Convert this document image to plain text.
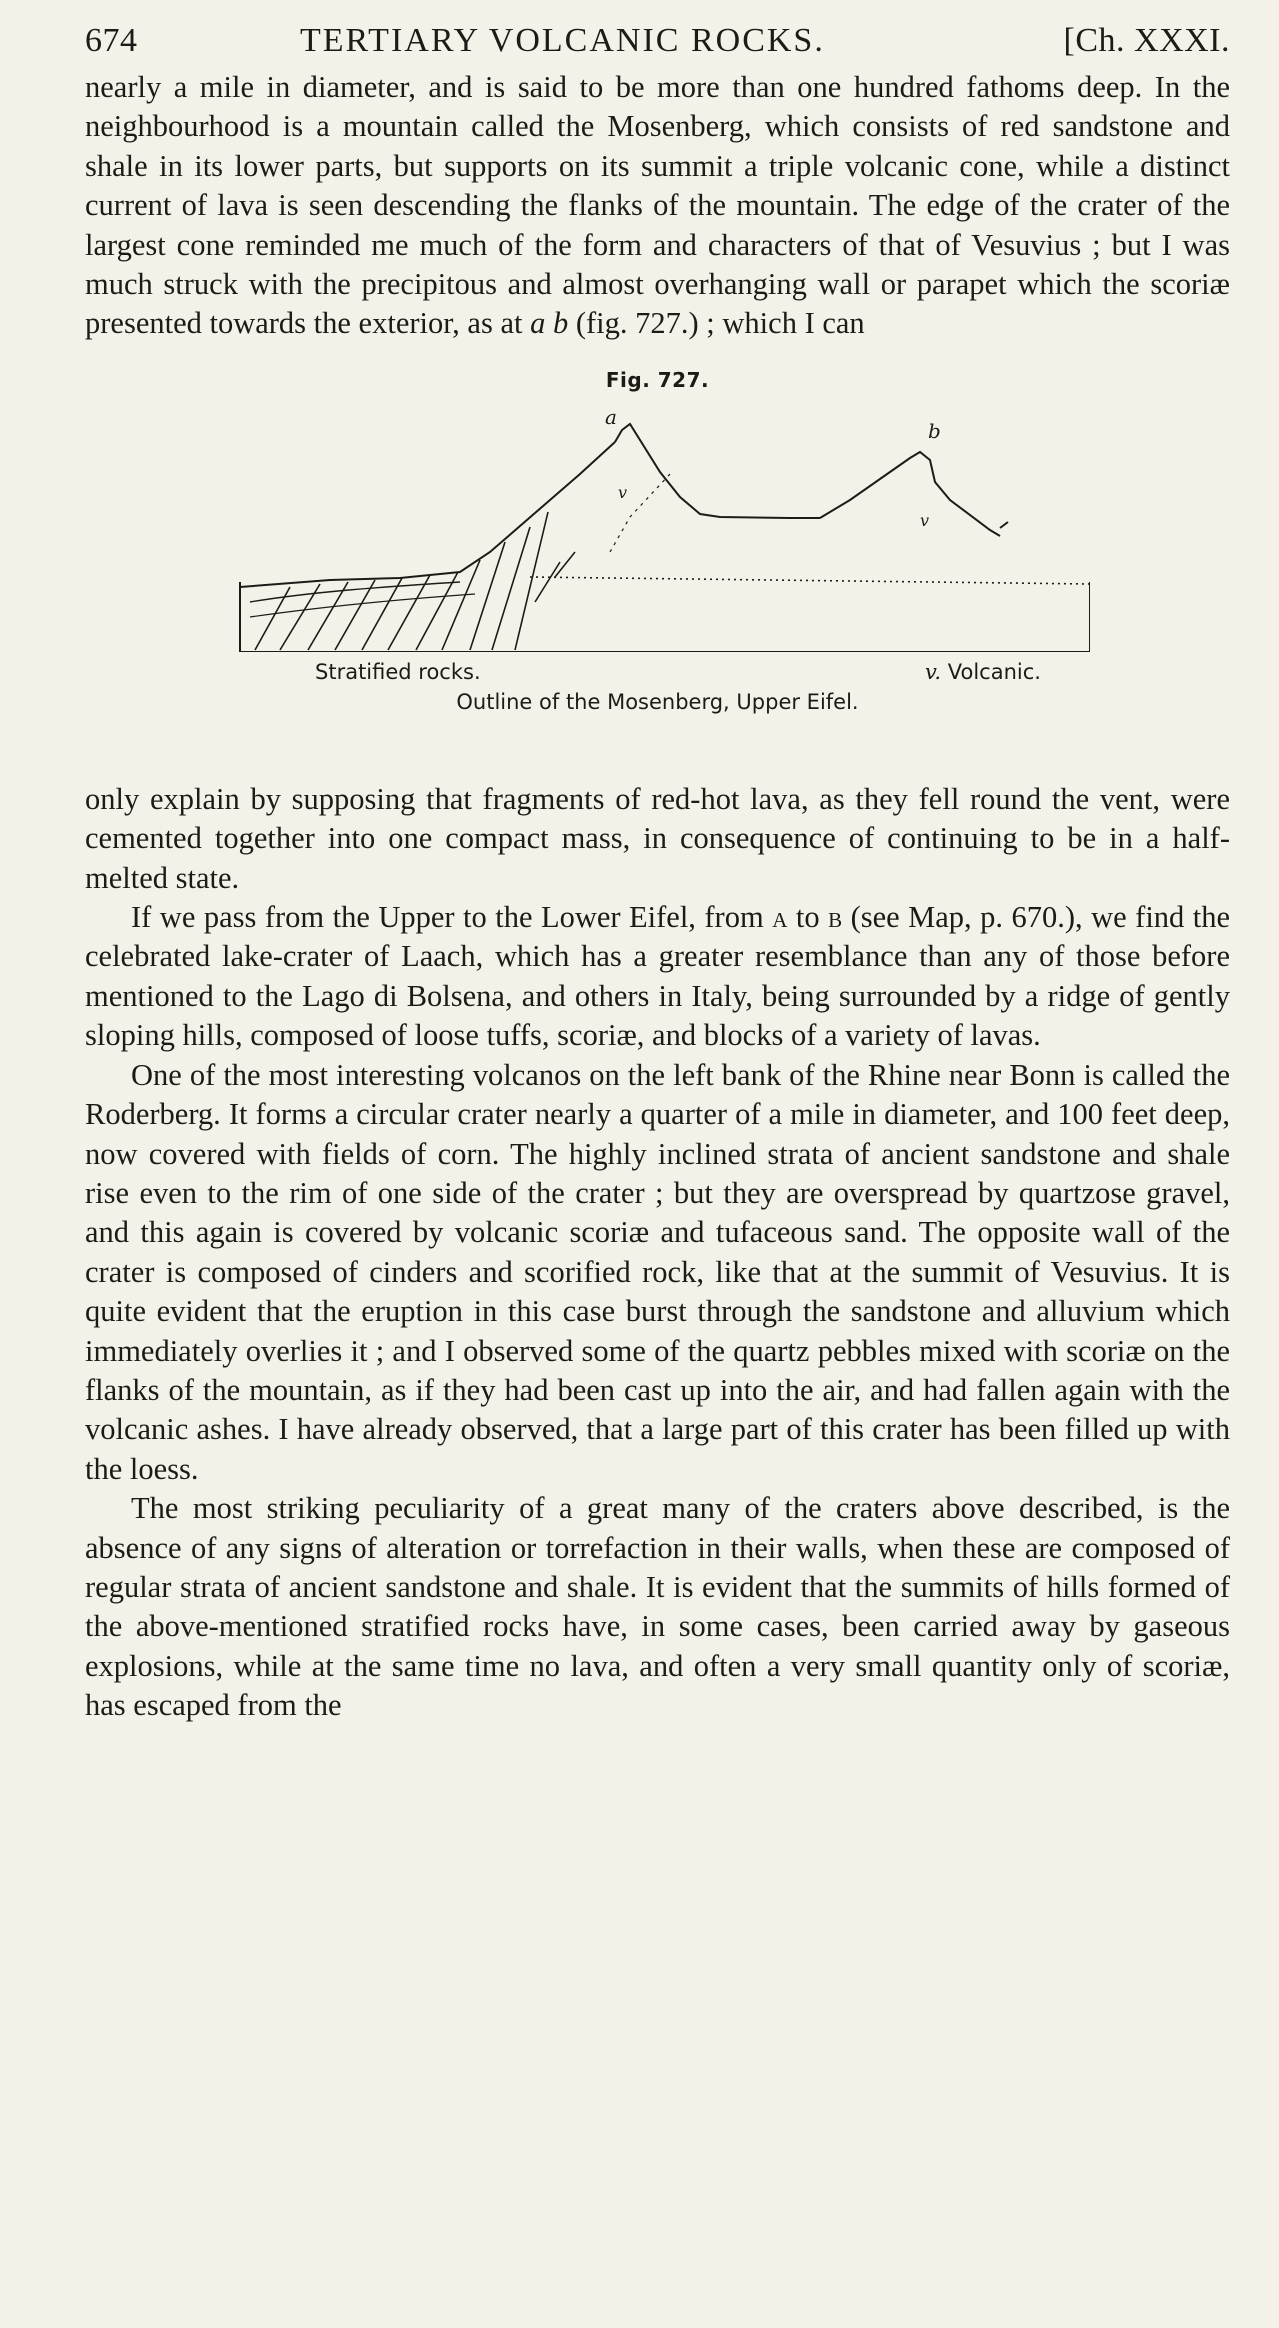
674	TERTIARY VOLCANIC ROCKS.	[Ch. XXXI.

nearly a mile in diameter, and is said to be more than one hundred fathoms deep. In the neighbourhood is a mountain called the Mosenberg, which consists of red sandstone and shale in its lower parts, but supports on its summit a triple volcanic cone, while a distinct current of lava is seen descending the flanks of the mountain. The edge of the crater of the largest cone reminded me much of the form and characters of that of Vesuvius ; but I was much struck with the precipitous and almost overhanging wall or parapet which the scoriæ presented towards the exterior, as at a b (fig. 727.) ; which I can

Fig. 727.
a
b
v
v
Stratified rocks.	v. Volcanic.
Outline of the Mosenberg, Upper Eifel.

only explain by supposing that fragments of red-hot lava, as they fell round the vent, were cemented together into one compact mass, in consequence of continuing to be in a half-melted state.

If we pass from the Upper to the Lower Eifel, from a to b (see Map, p. 670.), we find the celebrated lake-crater of Laach, which has a greater resemblance than any of those before mentioned to the Lago di Bolsena, and others in Italy, being surrounded by a ridge of gently sloping hills, composed of loose tuffs, scoriæ, and blocks of a variety of lavas.

One of the most interesting volcanos on the left bank of the Rhine near Bonn is called the Roderberg. It forms a circular crater nearly a quarter of a mile in diameter, and 100 feet deep, now covered with fields of corn. The highly inclined strata of ancient sandstone and shale rise even to the rim of one side of the crater ; but they are overspread by quartzose gravel, and this again is covered by volcanic scoriæ and tufaceous sand. The opposite wall of the crater is composed of cinders and scorified rock, like that at the summit of Vesuvius. It is quite evident that the eruption in this case burst through the sandstone and alluvium which immediately overlies it ; and I observed some of the quartz pebbles mixed with scoriæ on the flanks of the mountain, as if they had been cast up into the air, and had fallen again with the volcanic ashes. I have already observed, that a large part of this crater has been filled up with the loess.

The most striking peculiarity of a great many of the craters above described, is the absence of any signs of alteration or torrefaction in their walls, when these are composed of regular strata of ancient sandstone and shale. It is evident that the summits of hills formed of the above-mentioned stratified rocks have, in some cases, been carried away by gaseous explosions, while at the same time no lava, and often a very small quantity only of scoriæ, has escaped from the
